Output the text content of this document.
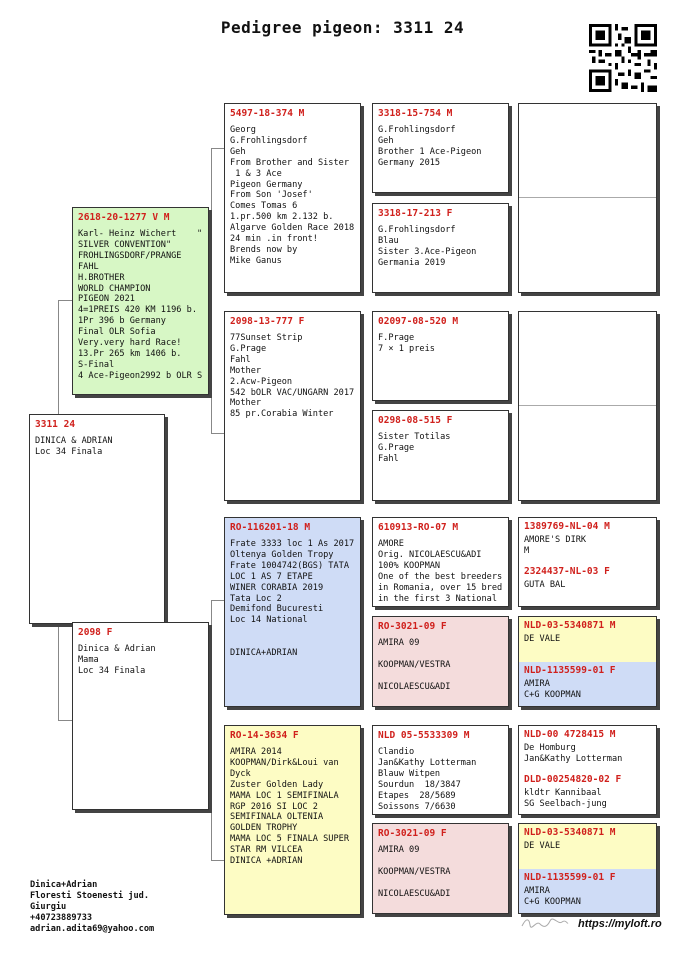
Pedigree pigeon: 3311 24
3311 24
DINICA & ADRIAN
Loc 34 Finala
2618-20-1277 V M
Karl- Heinz Wichert    "
SILVER CONVENTION"
FROHLINGSDORF/PRANGE
FAHL
H.BROTHER
WORLD CHAMPION
PIGEON 2021
4=1PREIS 420 KM 1196 b.
1Pr 396 b Germany
Final OLR Sofia
Very.very hard Race!
13.Pr 265 km 1406 b.
S-Final
4 Ace-Pigeon2992 b OLR S
2098 F
Dinica & Adrian
Mama
Loc 34 Finala
5497-18-374 M
Georg
G.Frohlingsdorf
Geh
From Brother and Sister
1 & 3 Ace
Pigeon Germany
From Son 'Josef'
Comes Tomas 6
1.pr.500 km 2.132 b.
Algarve Golden Race 2018
24 min .in front!
Brends now by
Mike Ganus
2098-13-777 F
77Sunset Strip
G.Prage
Fahl
Mother
2.Acw-Pigeon
542 bOLR VAC/UNGARN 2017
Mother
85 pr.Corabia Winter
RO-116201-18 M
Frate 3333 loc 1 As 2017
Oltenya Golden Tropy
Frate 1004742(BGS) TATA
LOC 1 AS 7 ETAPE
WINER CORABIA 2019
Tata Loc 2
Demifond Bucuresti
Loc 14 National

DINICA+ADRIAN
RO-14-3634 F
AMIRA 2014
KOOPMAN/Dirk&Loui van
Dyck
Zuster Golden Lady
MAMA LOC 1 SEMIFINALA
RGP 2016 SI LOC 2
SEMIFINALA OLTENIA
GOLDEN TROPHY
MAMA LOC 5 FINALA SUPER
STAR RM VILCEA
DINICA +ADRIAN
3318-15-754 M
G.Frohlingsdorf
Geh
Brother 1 Ace-Pigeon
Germany 2015
3318-17-213 F
G.Frohlingsdorf
Blau
Sister 3.Ace-Pigeon
Germania 2019
02097-08-520 M
F.Prage
7 × 1 preis
0298-08-515 F
Sister Totilas
G.Prage
Fahl
610913-RO-07 M
AMORE
Orig. NICOLAESCU&ADI
100% KOOPMAN
One of the best breeders
in Romania, over 15 bred
in the first 3 National
RO-3021-09 F
AMIRA 09

KOOPMAN/VESTRA

NICOLAESCU&ADI
NLD 05-5533309 M
Clandio
Jan&Kathy Lotterman
Blauw Witpen
Sourdun  18/3847
Etapes  28/5689
Soissons 7/6630
RO-3021-09 F
AMIRA 09

KOOPMAN/VESTRA

NICOLAESCU&ADI
1389769-NL-04 M
AMORE'S DIRK
M
2324437-NL-03 F
GUTA BAL
NLD-03-5340871 M
DE VALE
NLD-1135599-01 F
AMIRA
C+G KOOPMAN
NLD-00 4728415 M
De Homburg
Jan&Kathy Lotterman
DLD-00254820-02 F
kldtr Kannibaal
SG Seelbach-jung
NLD-03-5340871 M
DE VALE
NLD-1135599-01 F
AMIRA
C+G KOOPMAN
Dinica+Adrian
Floresti Stoenesti jud.
Giurgiu
+40723889733
adrian.adita69@yahoo.com	https://myloft.ro
